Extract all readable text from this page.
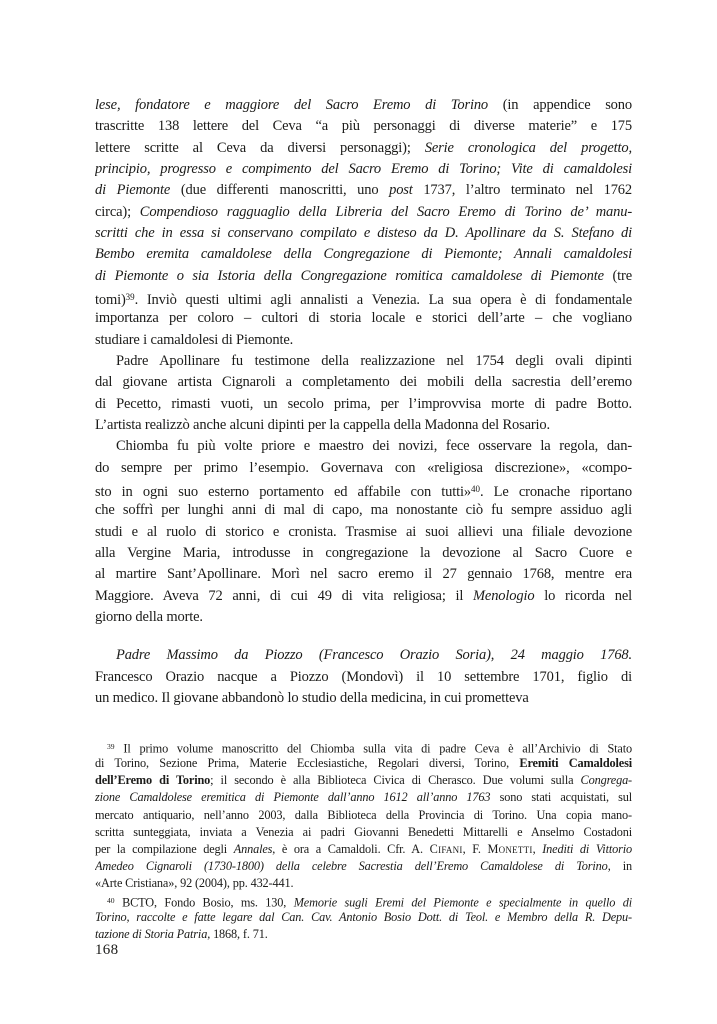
lese, fondatore e maggiore del Sacro Eremo di Torino (in appendice sono
trascritte 138 lettere del Ceva “a più personaggi di diverse materie” e 175
lettere scritte al Ceva da diversi personaggi); Serie cronologica del progetto,
principio, progresso e compimento del Sacro Eremo di Torino; Vite di camaldolesi
di Piemonte (due differenti manoscritti, uno post 1737, l’altro terminato nel 1762
circa); Compendioso ragguaglio della Libreria del Sacro Eremo di Torino de’ manu-
scritti che in essa si conservano compilato e disteso da D. Apollinare da S. Stefano di
Bembo eremita camaldolese della Congregazione di Piemonte; Annali camaldolesi
di Piemonte o sia Istoria della Congregazione romitica camaldolese di Piemonte (tre
tomi)$^{39}$. Inviò questi ultimi agli annalisti a Venezia. La sua opera è di fondamentale
importanza per coloro – cultori di storia locale e storici dell’arte – che vogliano
studiare i camaldolesi di Piemonte.
Padre Apollinare fu testimone della realizzazione nel 1754 degli ovali dipinti
dal giovane artista Cignaroli a completamento dei mobili della sacrestia dell’eremo
di Pecetto, rimasti vuoti, un secolo prima, per l’improvvisa morte di padre Botto.
L’artista realizzò anche alcuni dipinti per la cappella della Madonna del Rosario.
Chiomba fu più volte priore e maestro dei novizi, fece osservare la regola, dan-
do sempre per primo l’esempio. Governava con «religiosa discrezione», «compo-
sto in ogni suo esterno portamento ed affabile con tutti»$^{40}$. Le cronache riportano
che soffrì per lunghi anni di mal di capo, ma nonostante ciò fu sempre assiduo agli
studi e al ruolo di storico e cronista. Trasmise ai suoi allievi una filiale devozione
alla Vergine Maria, introdusse in congregazione la devozione al Sacro Cuore e
al martire Sant’Apollinare. Morì nel sacro eremo il 27 gennaio 1768, mentre era
Maggiore. Aveva 72 anni, di cui 49 di vita religiosa; il Menologio lo ricorda nel
giorno della morte.
Padre Massimo da Piozzo (Francesco Orazio Soria), 24 maggio 1768.
Francesco Orazio nacque a Piozzo (Mondovì) il 10 settembre 1701, figlio di
un medico. Il giovane abbandonò lo studio della medicina, in cui prometteva
$^{39}$ Il primo volume manoscritto del Chiomba sulla vita di padre Ceva è all’Archivio di Stato
di Torino, Sezione Prima, Materie Ecclesiastiche, Regolari diversi, Torino, Eremiti Camaldolesi
dell’Eremo di Torino; il secondo è alla Biblioteca Civica di Cherasco. Due volumi sulla Congrega-
zione Camaldolese eremitica di Piemonte dall’anno 1612 all’anno 1763 sono stati acquistati, sul
mercato antiquario, nell’anno 2003, dalla Biblioteca della Provincia di Torino. Una copia mano-
scritta sunteggiata, inviata a Venezia ai padri Giovanni Benedetti Mittarelli e Anselmo Costadoni
per la compilazione degli Annales, è ora a Camaldoli. Cfr. A. Cifani, F. Monetti, Inediti di Vittorio
Amedeo Cignaroli (1730-1800) della celebre Sacrestia dell’Eremo Camaldolese di Torino, in
«Arte Cristiana», 92 (2004), pp. 432-441.
$^{40}$ BCTO, Fondo Bosio, ms. 130, Memorie sugli Eremi del Piemonte e specialmente in quello di
Torino, raccolte e fatte legare dal Can. Cav. Antonio Bosio Dott. di Teol. e Membro della R. Depu-
tazione di Storia Patria, 1868, f. 71.
168
